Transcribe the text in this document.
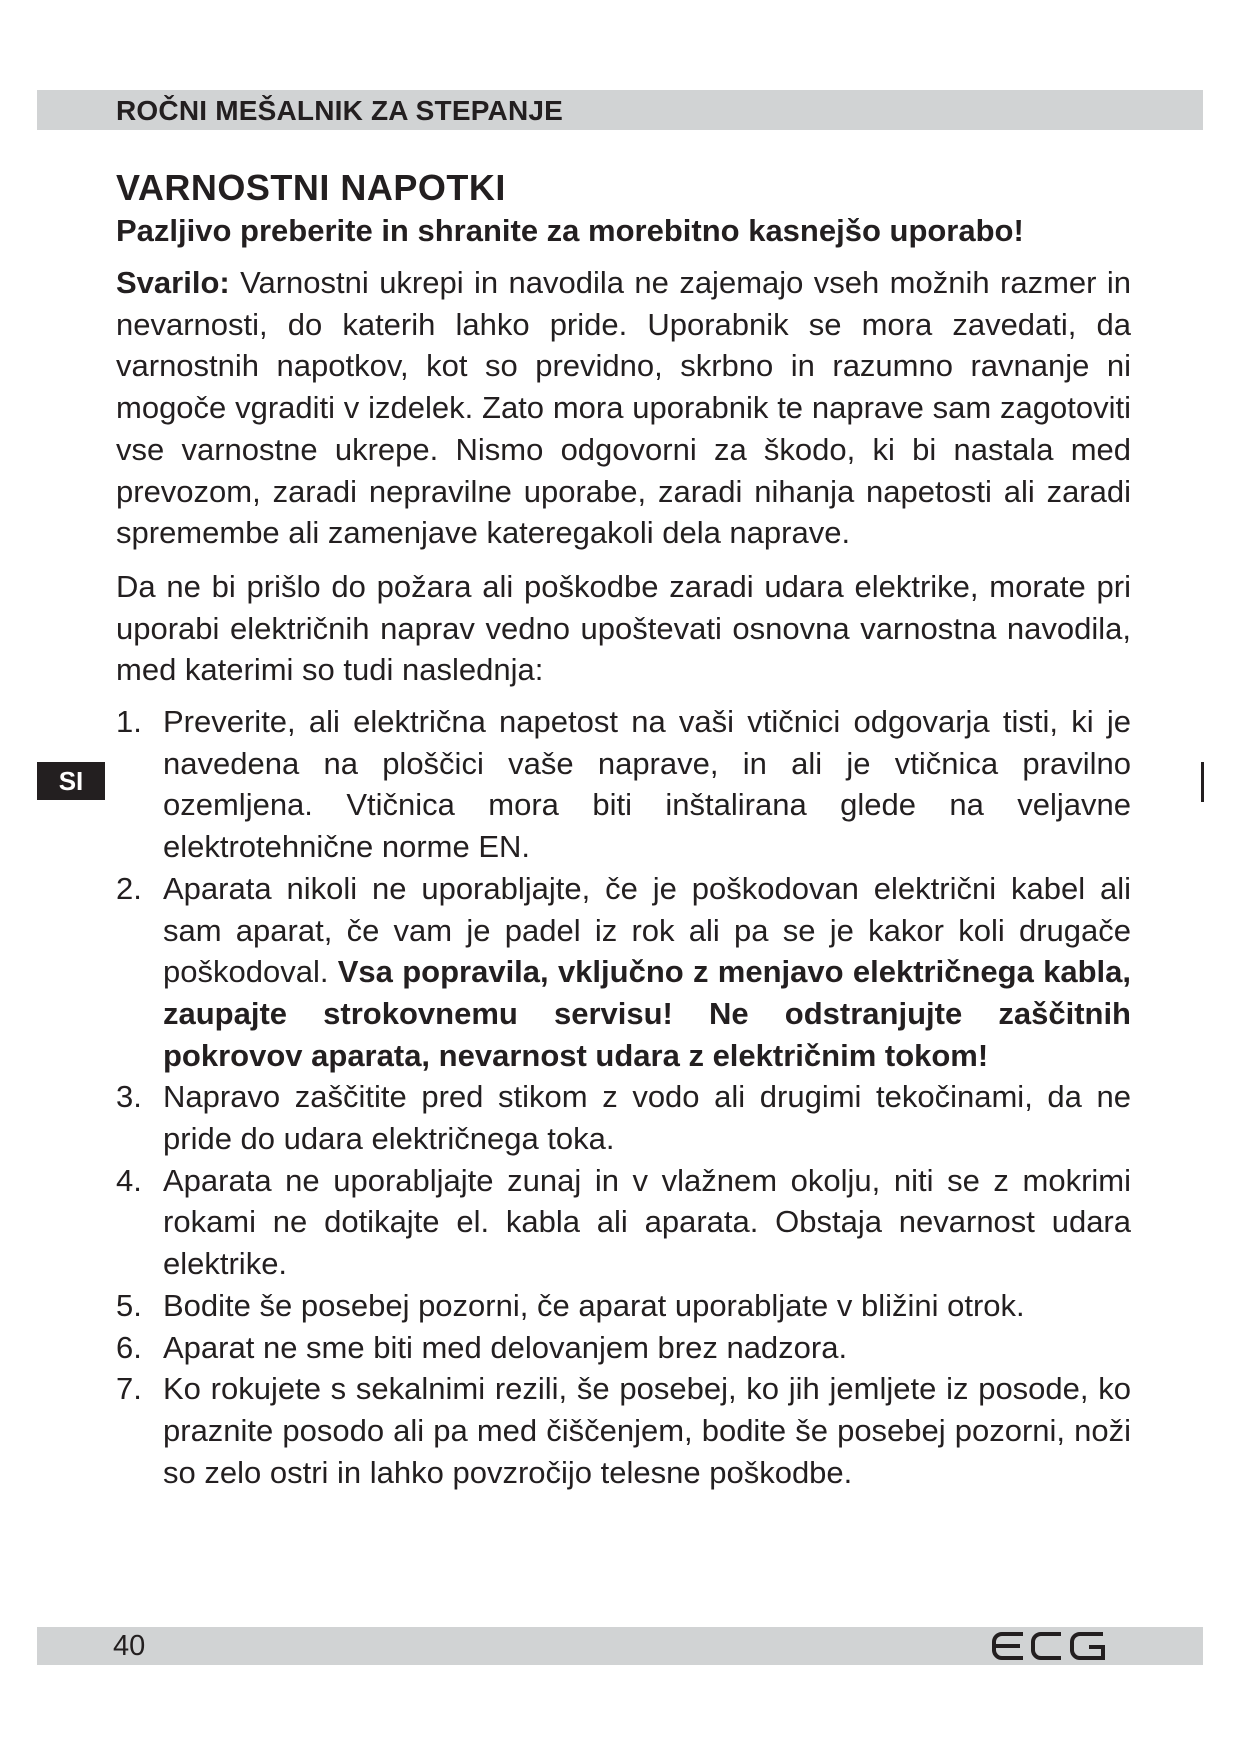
ROČNI MEŠALNIK ZA STEPANJE
SI
VARNOSTNI NAPOTKI

Pazljivo preberite in shranite za morebitno kasnejšo uporabo!

Svarilo: Varnostni ukrepi in navodila ne zajemajo vseh možnih razmer in nevarnosti, do katerih lahko pride. Uporabnik se mora zavedati, da varnostnih napotkov, kot so previdno, skrbno in razumno ravnanje ni mogoče vgraditi v izdelek. Zato mora uporabnik te naprave sam zagotoviti vse varnostne ukrepe. Nismo odgovorni za škodo, ki bi nastala med prevozom, zaradi nepravilne uporabe, zaradi nihanja napetosti ali zaradi spremembe ali zamenjave kateregakoli dela naprave.

Da ne bi prišlo do požara ali poškodbe zaradi udara elektrike, morate pri uporabi električnih naprav vedno upoštevati osnovna varnostna navodila, med katerimi so tudi naslednja:

1. Preverite, ali električna napetost na vaši vtičnici odgovarja tisti, ki je navedena na ploščici vaše naprave, in ali je vtičnica pravilno ozemljena. Vtičnica mora biti inštalirana glede na veljavne elektrotehnične norme EN.
2. Aparata nikoli ne uporabljajte, če je poškodovan električni kabel ali sam aparat, če vam je padel iz rok ali pa se je kakor koli drugače poškodoval. Vsa popravila, vključno z menjavo električnega kabla, zaupajte strokovnemu servisu! Ne odstranjujte zaščitnih pokrovov aparata, nevarnost udara z električnim tokom!
3. Napravo zaščitite pred stikom z vodo ali drugimi tekočinami, da ne pride do udara električnega toka.
4. Aparata ne uporabljajte zunaj in v vlažnem okolju, niti se z mokrimi rokami ne dotikajte el. kabla ali aparata. Obstaja nevarnost udara elektrike.
5. Bodite še posebej pozorni, če aparat uporabljate v bližini otrok.
6. Aparat ne sme biti med delovanjem brez nadzora.
7. Ko rokujete s sekalnimi rezili, še posebej, ko jih jemljete iz posode, ko praznite posodo ali pa med čiščenjem, bodite še posebej pozorni, noži so zelo ostri in lahko povzročijo telesne poškodbe.
40
